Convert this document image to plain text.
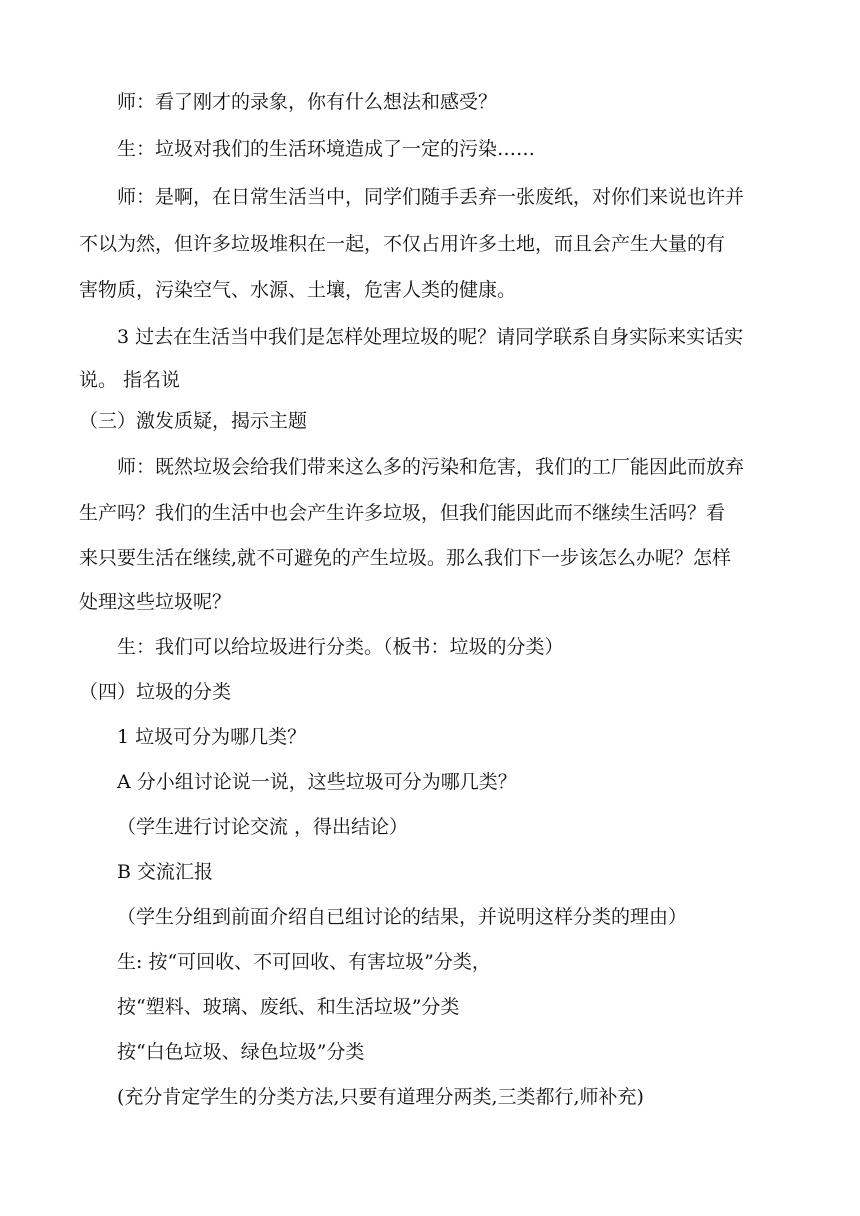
师：看了刚才的录象，你有什么想法和感受？
生：垃圾对我们的生活环境造成了一定的污染……
师：是啊，在日常生活当中，同学们随手丢弃一张废纸，对你们来说也许并
不以为然，但许多垃圾堆积在一起，不仅占用许多土地，而且会产生大量的有
害物质，污染空气、水源、土壤，危害人类的健康。
3 过去在生活当中我们是怎样处理垃圾的呢？请同学联系自身实际来实话实
说。 指名说
（三）激发质疑，揭示主题
师：既然垃圾会给我们带来这么多的污染和危害，我们的工厂能因此而放弃
生产吗？我们的生活中也会产生许多垃圾，但我们能因此而不继续生活吗？看
来只要生活在继续,就不可避免的产生垃圾。那么我们下一步该怎么办呢？怎样
处理这些垃圾呢？
生：我们可以给垃圾进行分类。（板书：垃圾的分类）
（四）垃圾的分类
1 垃圾可分为哪几类？
A 分小组讨论说一说，这些垃圾可分为哪几类？
（学生进行讨论交流 ，得出结论）
B 交流汇报
（学生分组到前面介绍自已组讨论的结果，并说明这样分类的理由）
生: 按“可回收、不可回收、有害垃圾”分类，
按“塑料、玻璃、废纸、和生活垃圾”分类
按“白色垃圾、绿色垃圾”分类
(充分肯定学生的分类方法,只要有道理分两类,三类都行,师补充)
